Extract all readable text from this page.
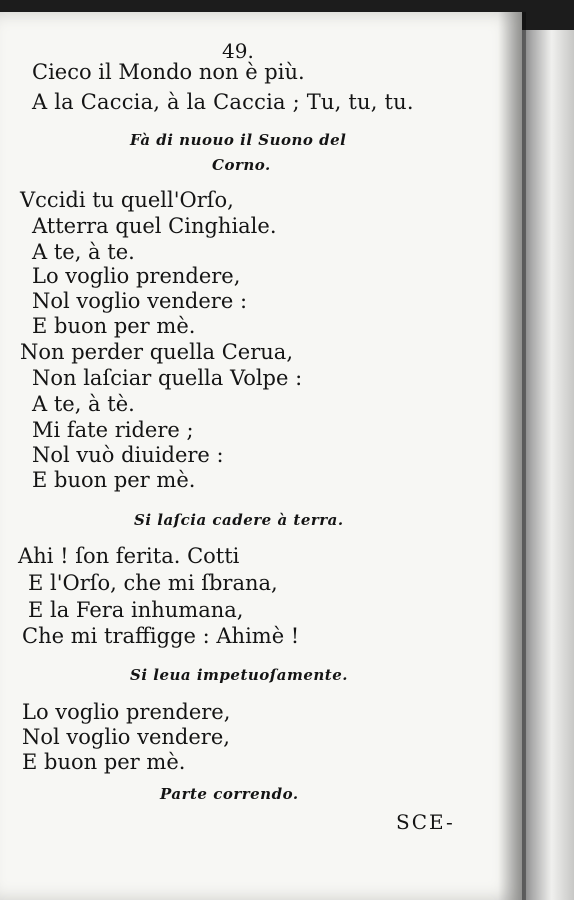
49.
Cieco il Mondo non è più.
A la Caccia, à la Caccia ; Tu, tu, tu.
Fà di nuouo il Suono del
Corno.
Vccidi tu quell'Orſo,
Atterra quel Cinghiale.
A te, à te.
Lo voglio prendere,
Nol voglio vendere :
E buon per mè.
Non perder quella Cerua,
Non laſciar quella Volpe :
A te, à tè.
Mi fate ridere ;
Nol vuò diuidere :
E buon per mè.
Si laſcia cadere à terra.
Ahi ! ſon ferita. Cotti
E l'Orſo, che mi ſbrana,
E la Fera inhumana,
Che mi traffigge : Ahimè !
Si leua impetuoſamente.
Lo voglio prendere,
Nol voglio vendere,
E buon per mè.
Parte correndo.
SCE-
